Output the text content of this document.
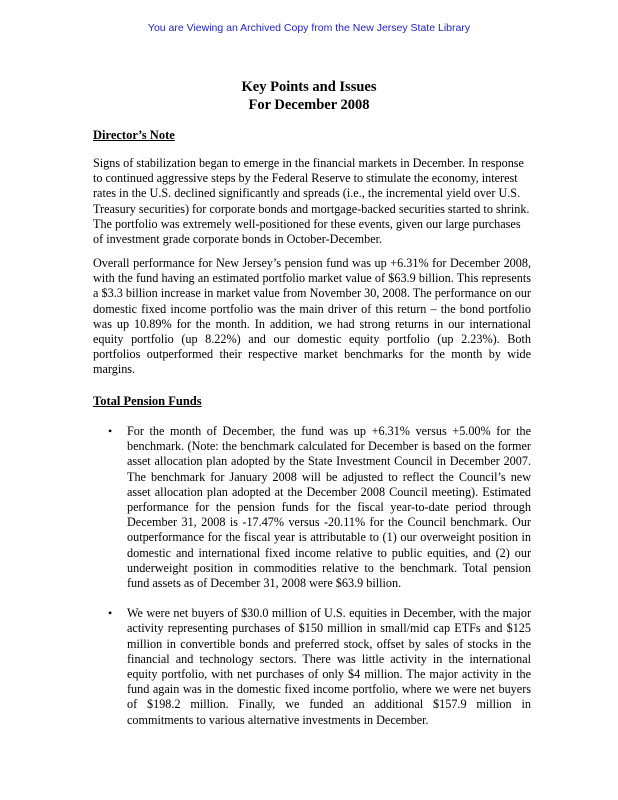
You are Viewing an Archived Copy from the New Jersey State Library
Key Points and Issues
For December 2008
Director’s Note

Signs of stabilization began to emerge in the financial markets in December. In response to continued aggressive steps by the Federal Reserve to stimulate the economy, interest rates in the U.S. declined significantly and spreads (i.e., the incremental yield over U.S. Treasury securities) for corporate bonds and mortgage-backed securities started to shrink. The portfolio was extremely well-positioned for these events, given our large purchases of investment grade corporate bonds in October-December.

Overall performance for New Jersey’s pension fund was up +6.31% for December 2008, with the fund having an estimated portfolio market value of $63.9 billion. This represents a $3.3 billion increase in market value from November 30, 2008. The performance on our domestic fixed income portfolio was the main driver of this return – the bond portfolio was up 10.89% for the month. In addition, we had strong returns in our international equity portfolio (up 8.22%) and our domestic equity portfolio (up 2.23%). Both portfolios outperformed their respective market benchmarks for the month by wide margins.

Total Pension Funds
• For the month of December, the fund was up +6.31% versus +5.00% for the benchmark. (Note: the benchmark calculated for December is based on the former asset allocation plan adopted by the State Investment Council in December 2007. The benchmark for January 2008 will be adjusted to reflect the Council’s new asset allocation plan adopted at the December 2008 Council meeting). Estimated performance for the pension funds for the fiscal year-to-date period through December 31, 2008 is -17.47% versus -20.11% for the Council benchmark. Our outperformance for the fiscal year is attributable to (1) our overweight position in domestic and international fixed income relative to public equities, and (2) our underweight position in commodities relative to the benchmark. Total pension fund assets as of December 31, 2008 were $63.9 billion.
• We were net buyers of $30.0 million of U.S. equities in December, with the major activity representing purchases of $150 million in small/mid cap ETFs and $125 million in convertible bonds and preferred stock, offset by sales of stocks in the financial and technology sectors. There was little activity in the international equity portfolio, with net purchases of only $4 million. The major activity in the fund again was in the domestic fixed income portfolio, where we were net buyers of $198.2 million. Finally, we funded an additional $157.9 million in commitments to various alternative investments in December.
